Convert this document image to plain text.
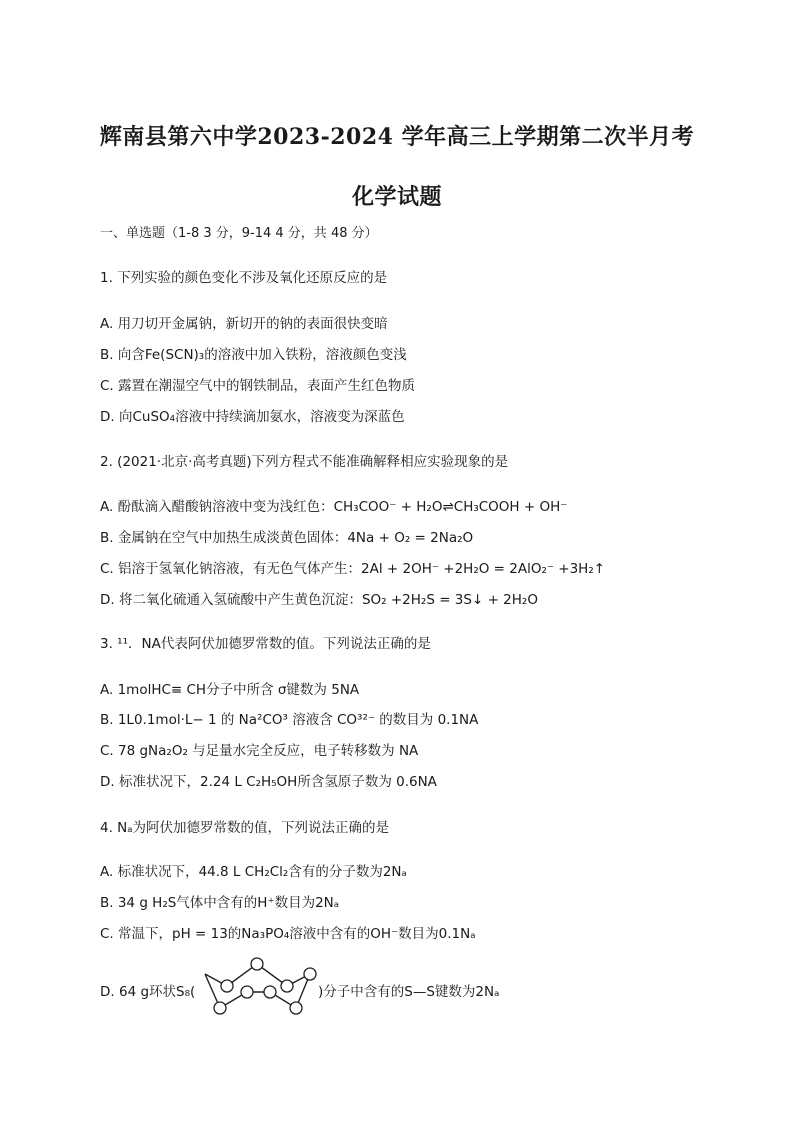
辉南县第六中学2023-2024 学年高三上学期第二次半月考
化学试题
一、单选题（1-8 3 分，9-14 4 分，共 48 分）
1. 下列实验的颜色变化不涉及氧化还原反应的是
A. 用刀切开金属钠，新切开的钠的表面很快变暗
B. 向含Fe(SCN)₃的溶液中加入铁粉，溶液颜色变浅
C. 露置在潮湿空气中的钢铁制品，表面产生红色物质
D. 向CuSO₄溶液中持续滴加氨水，溶液变为深蓝色
2. (2021·北京·高考真题)下列方程式不能准确解释相应实验现象的是
A. 酚酞滴入醋酸钠溶液中变为浅红色：CH₃COO⁻ + H₂O⇌CH₃COOH + OH⁻
B. 金属钠在空气中加热生成淡黄色固体：4Na + O₂ = 2Na₂O
C. 铝溶于氢氧化钠溶液，有无色气体产生：2Al + 2OH⁻ +2H₂O = 2AlO₂⁻ +3H₂↑
D. 将二氧化硫通入氢硫酸中产生黄色沉淀：SO₂ +2H₂S = 3S↓ + 2H₂O
3. ¹¹．NA代表阿伏加德罗常数的值。下列说法正确的是
A. 1molHC≡ CH分子中所含 σ键数为 5NA
B. 1L0.1mol·L− 1 的 Na²CO³ 溶液含 CO³²⁻ 的数目为 0.1NA
C. 78 gNa₂O₂ 与足量水完全反应，电子转移数为 NA
D. 标准状况下，2.24 L C₂H₅OH所含氢原子数为 0.6NA
4. Nₐ为阿伏加德罗常数的值，下列说法正确的是
A. 标准状况下，44.8 L CH₂Cl₂含有的分子数为2Nₐ
B. 34 g H₂S气体中含有的H⁺数目为2Nₐ
C. 常温下，pH = 13的Na₃PO₄溶液中含有的OH⁻数目为0.1Nₐ
D. 64 g环状S₈(	)分子中含有的S—S键数为2Nₐ
